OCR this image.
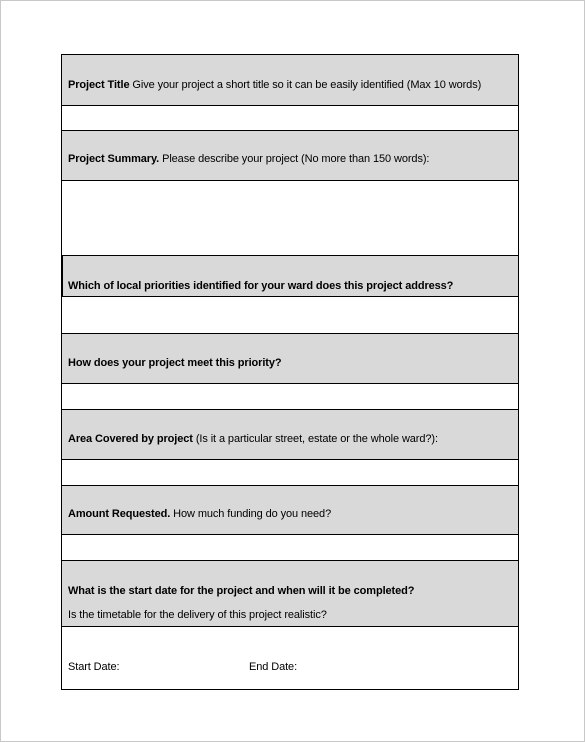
Project Title Give your project a short title so it can be easily identified (Max 10 words)
Project Summary. Please describe your project (No more than 150 words):
Which of local priorities identified for your ward does this project address?
How does your project meet this priority?
Area Covered by project (Is it a particular street, estate or the whole ward?):
Amount Requested. How much funding do you need?
What is the start date for the project and when will it be completed?
Is the timetable for the delivery of this project realistic?
Start Date:	End Date:
